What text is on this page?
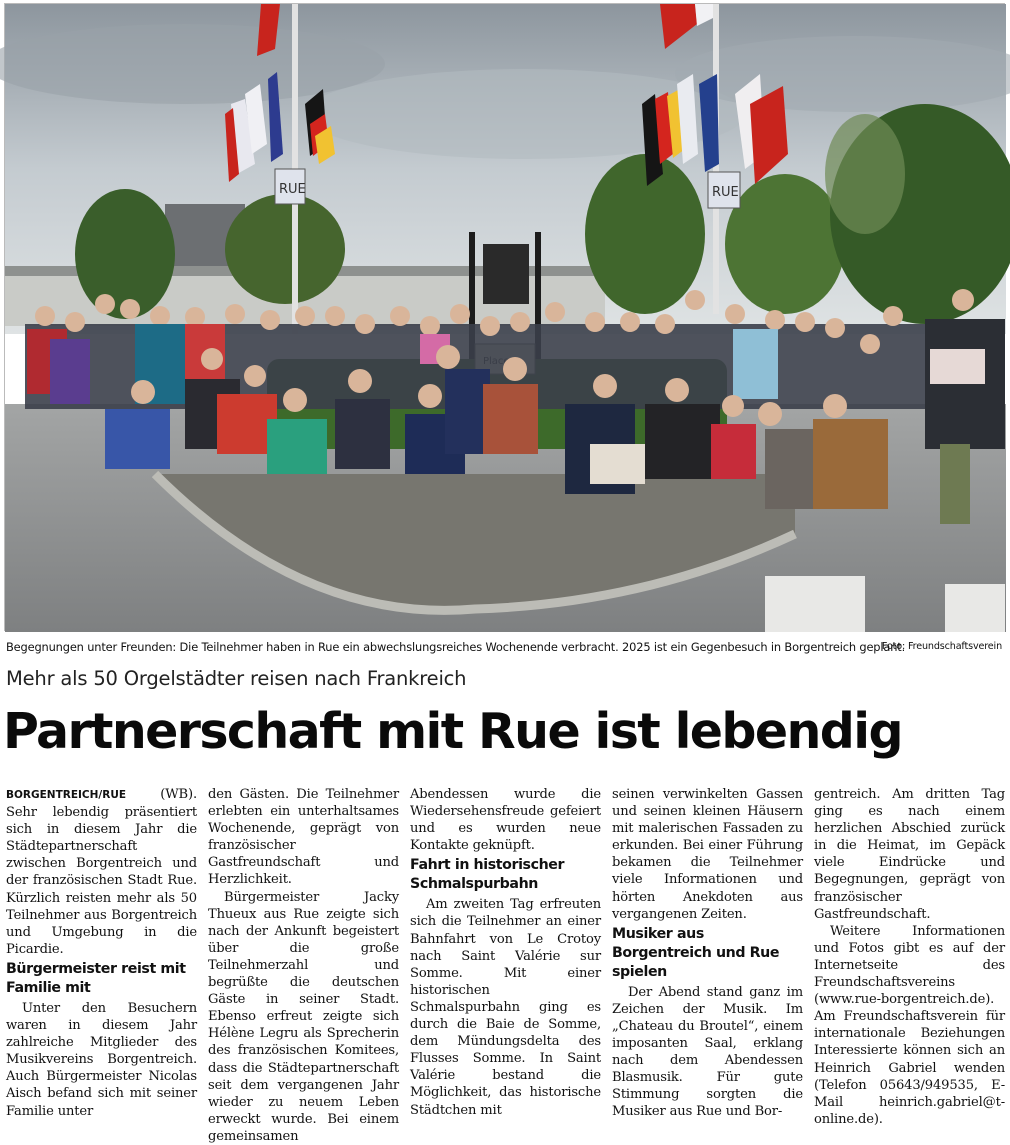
RUE	RUE
Begegnungen unter Freunden: Die Teilnehmer haben in Rue ein abwechslungsreiches Wochenende verbracht. 2025 ist ein Gegenbesuch in Borgentreich geplant.
Foto: Freundschaftsverein
Mehr als 50 Orgelstädter reisen nach Frankreich
Partnerschaft mit Rue ist lebendig

BORGENTREICH/RUE (WB). Sehr lebendig präsentiert sich in diesem Jahr die Städtepartnerschaft zwischen Borgentreich und der französischen Stadt Rue. Kürzlich reisten mehr als 50 Teilnehmer aus Borgentreich und Umgebung in die Picardie.

Bürgermeister reist mit Familie mit

Unter den Besuchern waren in diesem Jahr zahlreiche Mitglieder des Musikvereins Borgentreich. Auch Bürgermeister Nicolas Aisch befand sich mit seiner Familie unter

den Gästen. Die Teilnehmer erlebten ein unterhaltsames Wochenende, geprägt von französischer Gastfreundschaft und Herzlichkeit.

Bürgermeister Jacky Thueux aus Rue zeigte sich nach der Ankunft begeistert über die große Teilnehmerzahl und begrüßte die deutschen Gäste in seiner Stadt. Ebenso erfreut zeigte sich Hélène Legru als Sprecherin des französischen Komitees, dass die Städtepartnerschaft seit dem vergangenen Jahr wieder zu neuem Leben erweckt wurde. Bei einem gemeinsamen

Abendessen wurde die Wiedersehensfreude gefeiert und es wurden neue Kontakte geknüpft.

Fahrt in historischer Schmalspurbahn

Am zweiten Tag erfreuten sich die Teilnehmer an einer Bahnfahrt von Le Crotoy nach Saint Valérie sur Somme. Mit einer historischen Schmalspurbahn ging es durch die Baie de Somme, dem Mündungsdelta des Flusses Somme. In Saint Valérie bestand die Möglichkeit, das historische Städtchen mit

seinen verwinkelten Gassen und seinen kleinen Häusern mit malerischen Fassaden zu erkunden. Bei einer Führung bekamen die Teilnehmer viele Informationen und hörten Anekdoten aus vergangenen Zeiten.

Musiker aus Borgentreich und Rue spielen

Der Abend stand ganz im Zeichen der Musik. Im „Chateau du Broutel“, einem imposanten Saal, erklang nach dem Abendessen Blasmusik. Für gute Stimmung sorgten die Musiker aus Rue und Bor-

gentreich. Am dritten Tag ging es nach einem herzlichen Abschied zurück in die Heimat, im Gepäck viele Eindrücke und Begegnungen, geprägt von französischer Gastfreundschaft.

Weitere Informationen und Fotos gibt es auf der Internetseite des Freundschaftsvereins (www.rue-borgentreich.de). Am Freundschaftsverein für internationale Beziehungen Interessierte können sich an Heinrich Gabriel wenden (Telefon 05643/949535, E-Mail heinrich.gabriel@t-online.de).
